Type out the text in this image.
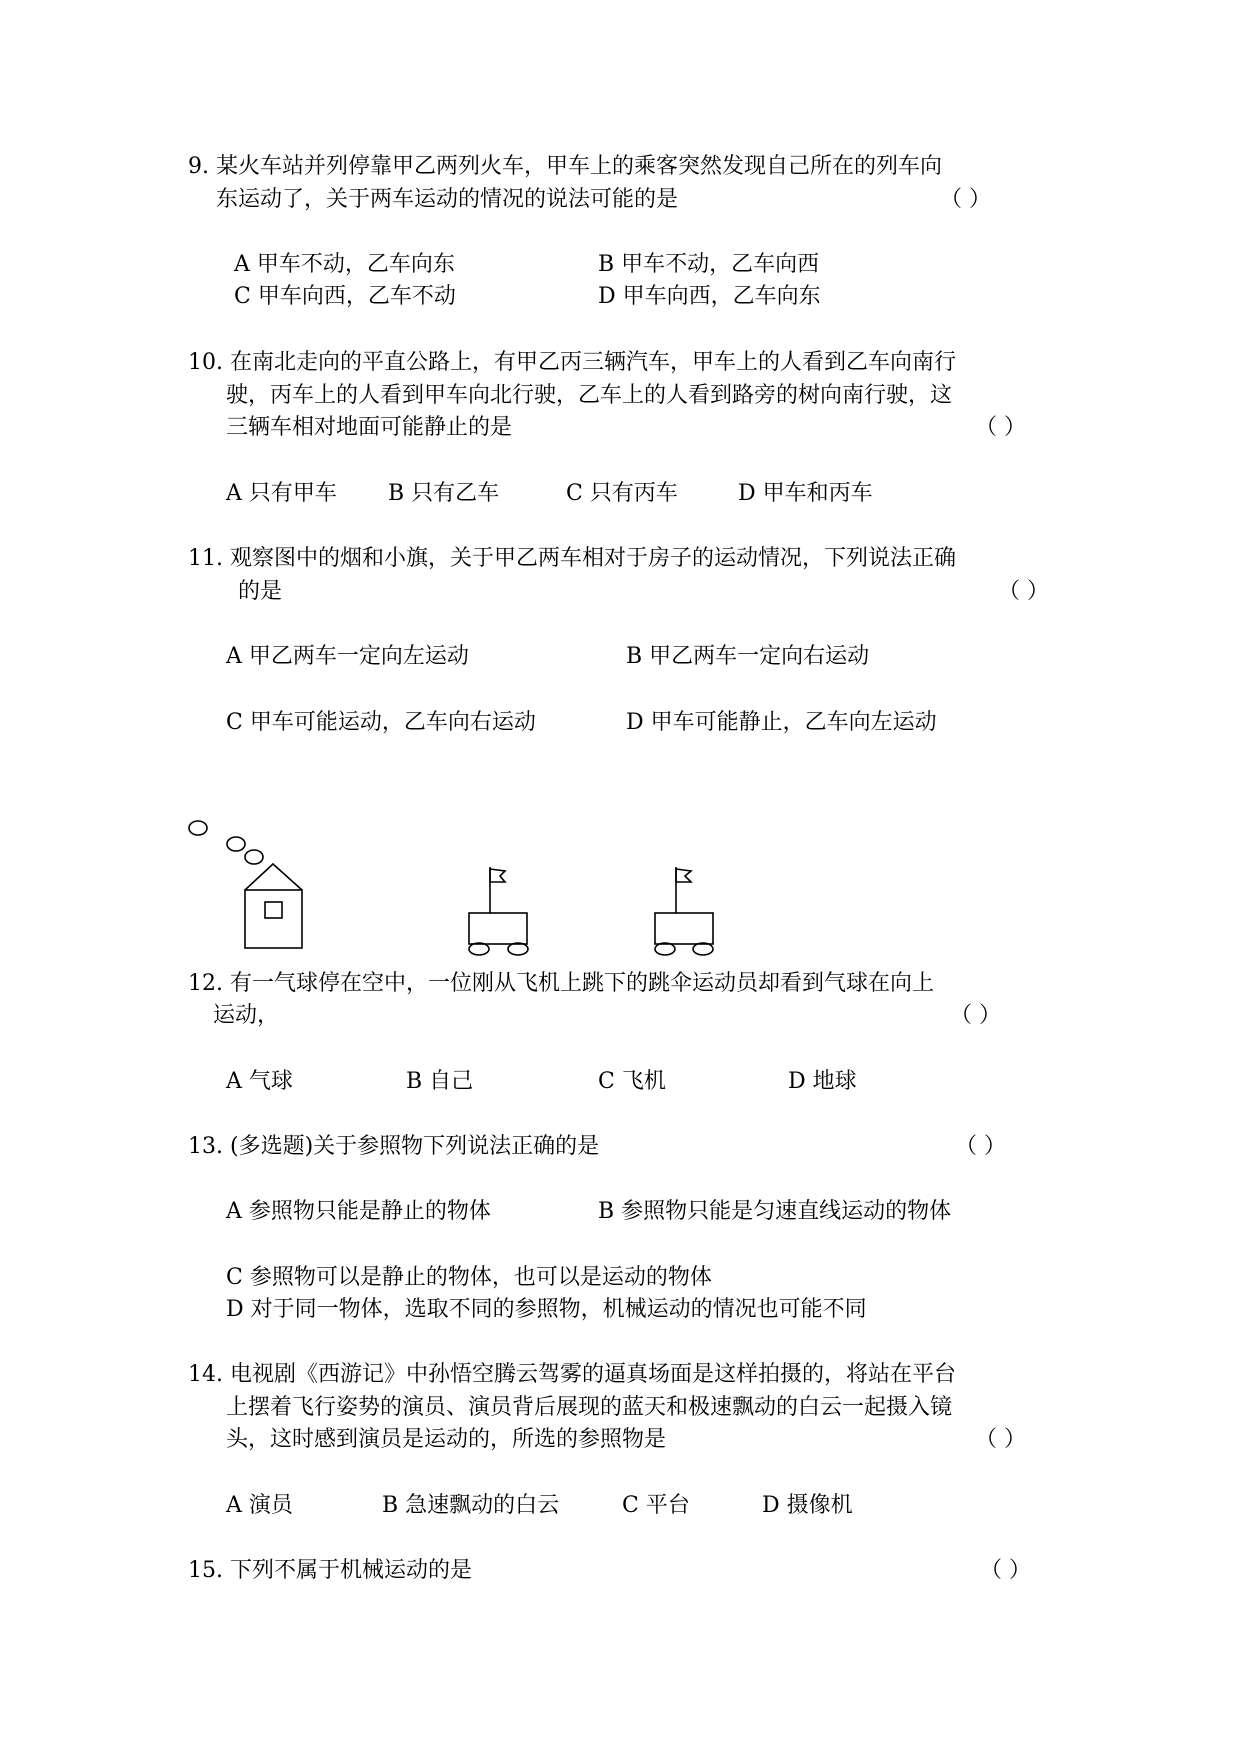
9. 某火车站并列停靠甲乙两列火车，甲车上的乘客突然发现自己所在的列车向
东运动了，关于两车运动的情况的说法可能的是	（ ）
A 甲车不动，乙车向东	B 甲车不动，乙车向西
C 甲车向西，乙车不动	D 甲车向西，乙车向东
10. 在南北走向的平直公路上，有甲乙丙三辆汽车，甲车上的人看到乙车向南行
驶，丙车上的人看到甲车向北行驶，乙车上的人看到路旁的树向南行驶，这
三辆车相对地面可能静止的是	（ ）
A 只有甲车 B 只有乙车	C 只有丙车	D 甲车和丙车
11. 观察图中的烟和小旗，关于甲乙两车相对于房子的运动情况，下列说法正确
的是	（ ）
A 甲乙两车一定向左运动	B 甲乙两车一定向右运动
C 甲车可能运动，乙车向右运动	D 甲车可能静止，乙车向左运动
12. 有一气球停在空中，一位刚从飞机上跳下的跳伞运动员却看到气球在向上
运动，	（ ）
A 气球	B 自己	C 飞机	D 地球
13. (多选题)关于参照物下列说法正确的是	（ ）
A 参照物只能是静止的物体	B 参照物只能是匀速直线运动的物体
C 参照物可以是静止的物体，也可以是运动的物体
D 对于同一物体，选取不同的参照物，机械运动的情况也可能不同
14. 电视剧《西游记》中孙悟空腾云驾雾的逼真场面是这样拍摄的，将站在平台
上摆着飞行姿势的演员、演员背后展现的蓝天和极速飘动的白云一起摄入镜
头，这时感到演员是运动的，所选的参照物是	（ ）
A 演员	B 急速飘动的白云	C 平台	D 摄像机
15. 下列不属于机械运动的是	（ ）
